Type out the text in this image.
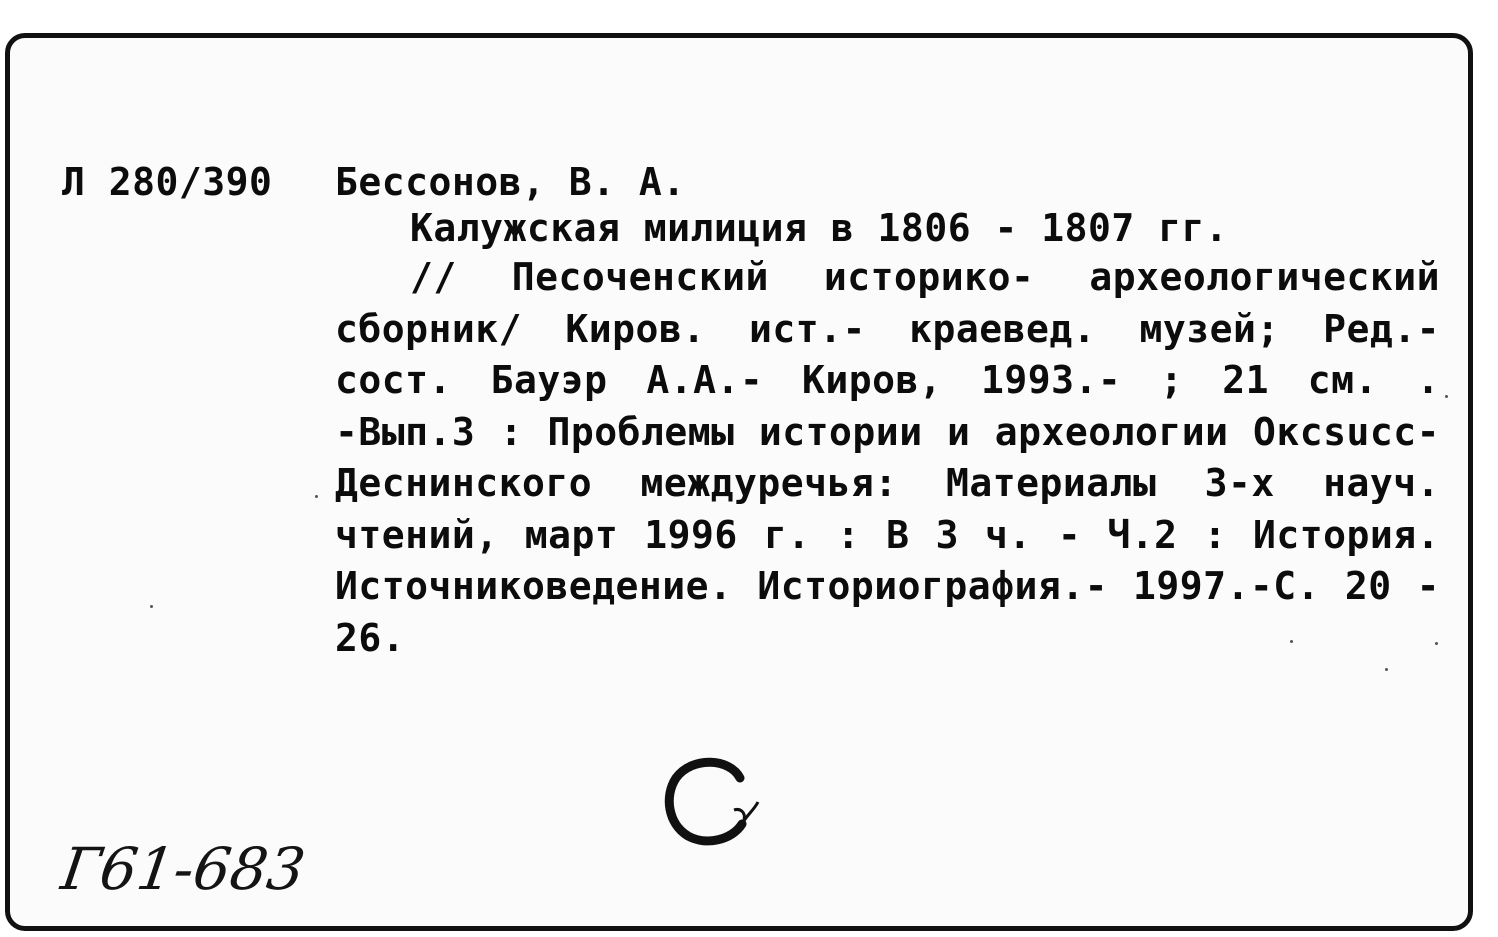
Л 280/390 Бессонов, В. А.
Калужская милиция в 1806 - 1807 гг.
// Песоченский историко- археологический сборник/ Киров. ист.- краевед. музей; Ред.-сост. Бауэр А.А.- Киров, 1993.- ; 21 см. . -Вып.3 : Проблемы истории и археологии Оксsucc-Деснинского междуречья: Материалы 3-х науч. чтений, март 1996 г. : В 3 ч. - Ч.2 : История. Источниковедение. Историография.- 1997.-С. 20 - 26.
Г61-683
